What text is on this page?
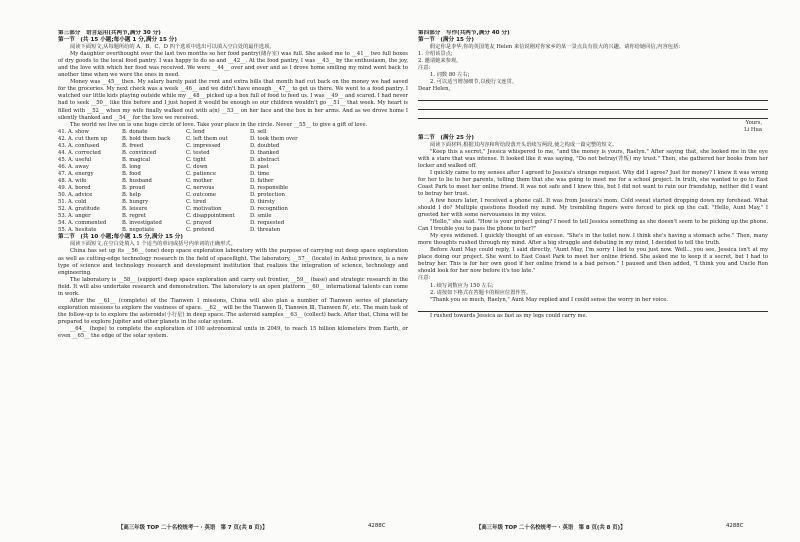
第三部分　语言运用(共两节,满分 30 分)
第一节　(共 15 小题;每小题 1 分,满分 15 分)

阅读下面短文,从每题所给的 A、B、C、D 四个选项中选出可以填入空白处的最佳选项。

My daughter overthought over the last two months so her food pantry(储存室) was full. She asked me to __41__ two full boxes of dry goods to the local food pantry. I was happy to do so and __42__. At the food pantry, I was __43__ by the enthusiasm, the joy, and the love with which her food was received. We were __44__ over and over and as I drove home smiling my mind went back to another time when we were the ones in need.

Money was __45__ then. My salary barely paid the rent and extra bills that month had cut back on the money we had saved for the groceries. My next check was a week __46__ and we didn't have enough __47__ to get us there. We went to a food pantry. I watched our little kids playing outside while my __48__ picked up a box full of food to feed us. I was __49__ and scared. I had never had to seek __50__ like this before and I just hoped it would be enough so our children wouldn't go __51__ that week. My heart is filled with __52__ when my wife finally walked out with a(n) __53__ on her face and the box in her arms. And as we drove home I silently thanked and __54__ for the love we received.

The world we live on is one huge circle of love. Take your place in the circle. Never __55__ to give a gift of love.

41. A. show	B. donate	C. lend	D. sell
42. A. cut them up	B. hold them back	C. left them out	D. took them over
43. A. confused	B. freed	C. impressed	D. doubted
44. A. corrected	B. convinced	C. tested	D. thanked
45. A. useful	B. magical	C. tight	D. abstract
46. A. away	B. long	C. down	D. past
47. A. energy	B. food	C. patience	D. time
48. A. wife	B. husband	C. mother	D. father
49. A. bored	B. proud	C. nervous	D. responsible
50. A. advice	B. help	C. outcome	D. protection
51. A. cold	B. hungry	C. tired	D. thirsty
52. A. gratitude	B. leisure	C. motivation	D. recognition
53. A. anger	B. regret	C. disappointment	D. smile
54. A. commented	B. investigated	C. prayed	D. requested
55. A. hesitate	B. negotiate	C. pretend	D. threaten
第二节　(共 10 小题;每小题 1.5 分,满分 15 分)

阅读下面短文,在空白处填入 1 个适当的单词或括号内单词的正确形式。

China has set up its __56__ (one) deep space exploration laboratory with the purpose of carrying out deep space exploration as well as cutting-edge technology research in the field of spaceflight. The laboratory, __57__ (locate) in Anhui province, is a new type of science and technology research and development institution that realizes the integration of science, technology and engineering.

The laboratory is __58__ (support) deep space exploration and carry out frontier, __59__ (base) and strategic research in the field. It will also undertake research and demonstration. The laboratory is an open platform __60__ international talents can come in work.

After the __61__ (complete) of the Tianwen 1 missions, China will also plan a number of Tianwen series of planetary exploration missions to explore the vastness of space. __62__ will be the Tianwen Ⅱ, Tianwen Ⅲ, Tianwen Ⅳ, etc. The main task of the follow-up is to explore the asteroids(小行星) in deep space. The asteroid samples __63__ (collect) back. After that, China will be prepared to explore Jupiter and other planets in the solar system.

__64__ (hope) to complete the exploration of 100 astronomical units in 2049, to reach 15 billion kilometers from Earth, or even __65__ the edge of the solar system.

【高三年级 TOP 二十名校统考一 · 英语　第 7 页(共 8 页)】	4288C
第四部分　写作(共两节,满分 40 分)
第一节　(满分 15 分)

假定你是李华,你的英国笔友 Helen 来信说刚对你家乡的某一景点具有很大的兴趣。请你给她回信,内容包括:

1. 介绍该景点;

2. 邀请她来参观。

注意:

1. 词数 80 左右;

2. 可以适当增加细节,以使行文连贯。

Dear Helen,

Yours,
Li Hua
第二节　(满分 25 分)

阅读下面材料,根据其内容和所给段落开头语续写两段,使之构成一篇完整的短文。

"Keep this a secret," Jessica whispered to me, "and the money is yours, Raelyn." After saying that, she looked me in the eye with a stare that was intense. It looked like it was saying, "Do not betray(背叛) my trust." Then, she gathered her books from her locker and walked off.

I quickly came to my senses after I agreed to Jessica's strange request. Why did I agree? Just for money? I knew it was wrong for her to lie to her parents, telling them that she was going to meet me for a school project. In truth, she wanted to go to East Coast Park to meet her online friend. It was not safe and I knew this, but I did not want to ruin our friendship, neither did I want to betray her trust.

A few hours later, I received a phone call. It was from Jessica's mom. Cold sweat started dropping down my forehead. What should I do? Multiple questions flooded my mind. My trembling fingers were forced to pick up the call. "Hello, Aunt May," I greeted her with some nervousness in my voice.

"Hello," she said. "How is your project going? I need to tell Jessica something as she doesn't seem to be picking up the phone. Can I trouble you to pass the phone to her?"

My eyes widened. I quickly thought of an excuse. "She's in the toilet now. I think she's having a stomach ache." Then, many more thoughts rushed through my mind. After a big struggle and debating in my mind, I decided to tell the truth.

Before Aunt May could reply, I said directly, "Aunt May, I'm sorry I lied to you just now. Well... you see, Jessica isn't at my place doing our project. She went to East Coast Park to meet her online friend. She asked me to keep it a secret, but I had to betray her. This is for her own good if her online friend is a bad person." I paused and then added, "I think you and Uncle Ron should look for her now before it's too late."

注意:

1. 续写词数应为 150 左右;

2. 请按如下格式在答题卡的相应位置作答。

"Thank you so much, Raelyn," Aunt May replied and I could sense the worry in her voice.

I rushed towards Jessica as fast as my legs could carry me.

【高三年级 TOP 二十名校统考一 · 英语　第 8 页(共 8 页)】	4288C
